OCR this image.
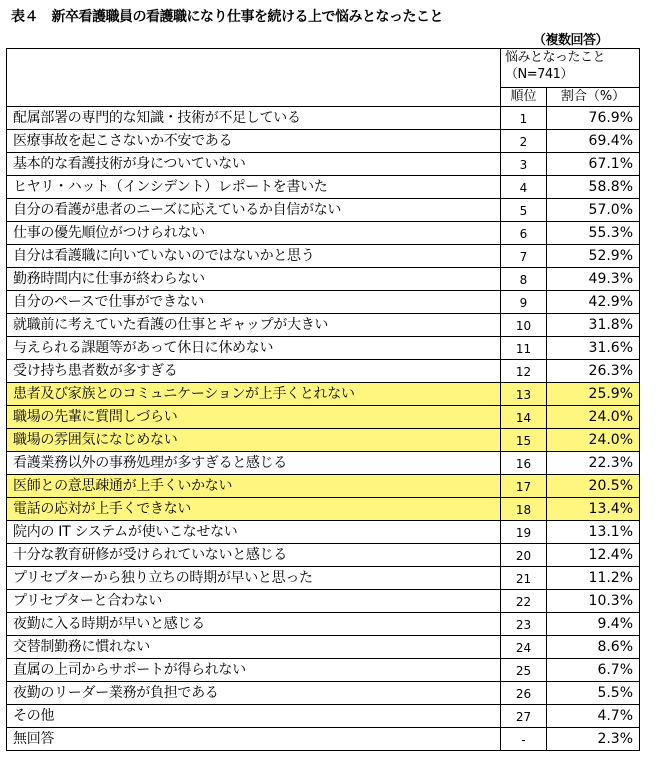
表４　新卒看護職員の看護職になり仕事を続ける上で悩みとなったこと
（複数回答）
	悩みとなったこと
（N=741）	
	順位	割合（%）
配属部署の専門的な知識・技術が不足している	1	76.9%
医療事故を起こさないか不安である	2	69.4%
基本的な看護技術が身についていない	3	67.1%
ヒヤリ・ハット（インシデント）レポートを書いた	4	58.8%
自分の看護が患者のニーズに応えているか自信がない	5	57.0%
仕事の優先順位がつけられない	6	55.3%
自分は看護職に向いていないのではないかと思う	7	52.9%
勤務時間内に仕事が終わらない	8	49.3%
自分のペースで仕事ができない	9	42.9%
就職前に考えていた看護の仕事とギャップが大きい	10	31.8%
与えられる課題等があって休日に休めない	11	31.6%
受け持ち患者数が多すぎる	12	26.3%
患者及び家族とのコミュニケーションが上手くとれない	13	25.9%
職場の先輩に質問しづらい	14	24.0%
職場の雰囲気になじめない	15	24.0%
看護業務以外の事務処理が多すぎると感じる	16	22.3%
医師との意思疎通が上手くいかない	17	20.5%
電話の応対が上手くできない	18	13.4%
院内の IT システムが使いこなせない	19	13.1%
十分な教育研修が受けられていないと感じる	20	12.4%
プリセプターから独り立ちの時期が早いと思った	21	11.2%
プリセプターと合わない	22	10.3%
夜勤に入る時期が早いと感じる	23	9.4%
交替制勤務に慣れない	24	8.6%
直属の上司からサポートが得られない	25	6.7%
夜勤のリーダー業務が負担である	26	5.5%
その他	27	4.7%
無回答	-	2.3%
